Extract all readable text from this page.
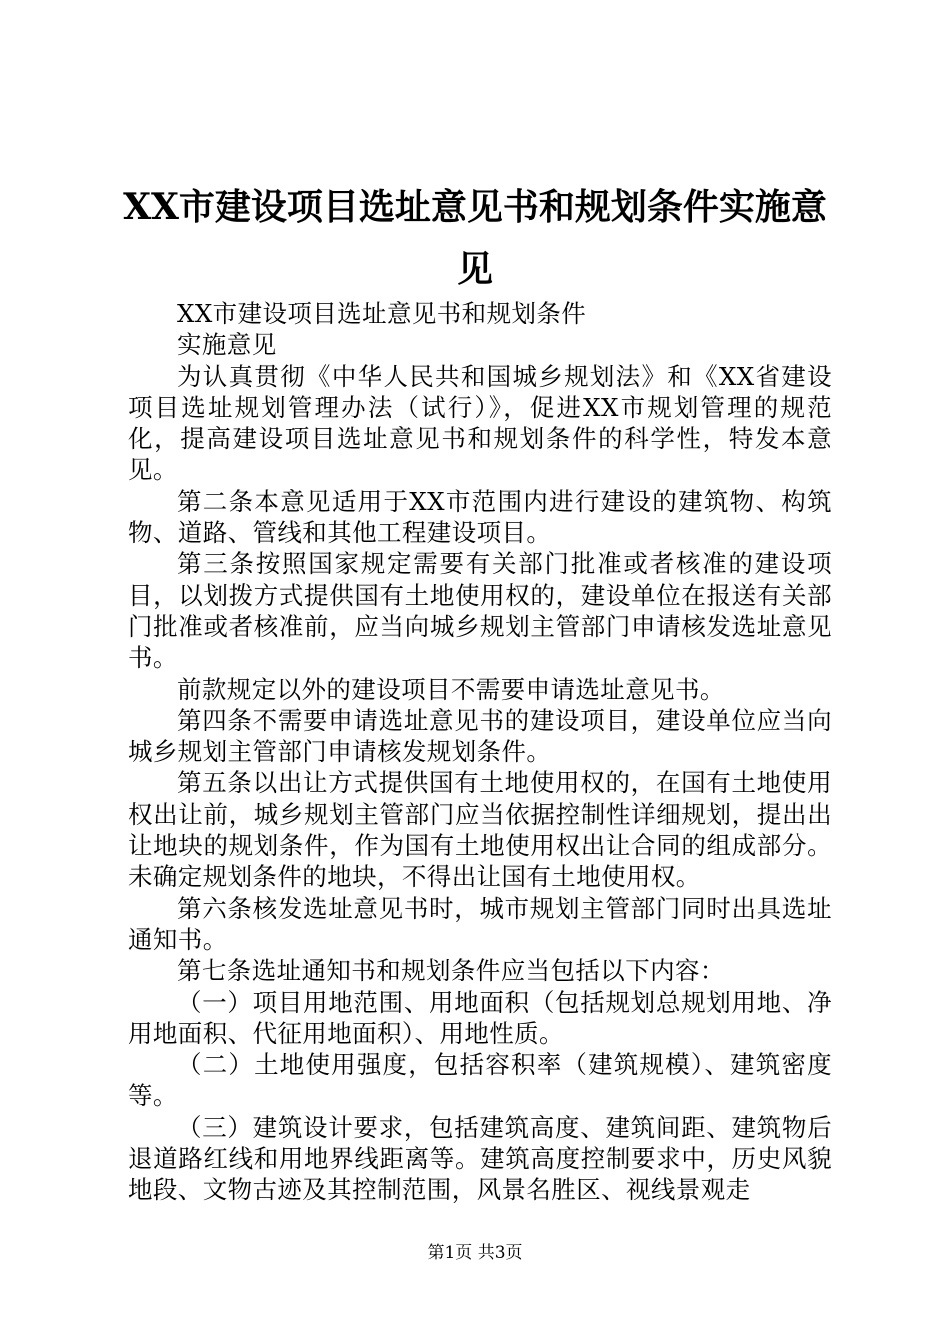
XX市建设项目选址意见书和规划条件实施意见

XX市建设项目选址意见书和规划条件

实施意见

为认真贯彻《中华人民共和国城乡规划法》和《XX省建设项目选址规划管理办法（试行）》，促进XX市规划管理的规范化，提高建设项目选址意见书和规划条件的科学性，特发本意见。

第二条本意见适用于XX市范围内进行建设的建筑物、构筑物、道路、管线和其他工程建设项目。

第三条按照国家规定需要有关部门批准或者核准的建设项目，以划拨方式提供国有土地使用权的，建设单位在报送有关部门批准或者核准前，应当向城乡规划主管部门申请核发选址意见书。

前款规定以外的建设项目不需要申请选址意见书。

第四条不需要申请选址意见书的建设项目，建设单位应当向城乡规划主管部门申请核发规划条件。

第五条以出让方式提供国有土地使用权的，在国有土地使用权出让前，城乡规划主管部门应当依据控制性详细规划，提出出让地块的规划条件，作为国有土地使用权出让合同的组成部分。未确定规划条件的地块，不得出让国有土地使用权。

第六条核发选址意见书时，城市规划主管部门同时出具选址通知书。

第七条选址通知书和规划条件应当包括以下内容：

（一）项目用地范围、用地面积（包括规划总规划用地、净用地面积、代征用地面积）、用地性质。

（二）土地使用强度，包括容积率（建筑规模）、建筑密度等。

（三）建筑设计要求，包括建筑高度、建筑间距、建筑物后退道路红线和用地界线距离等。建筑高度控制要求中，历史风貌地段、文物古迹及其控制范围，风景名胜区、视线景观走

第1页 共3页
